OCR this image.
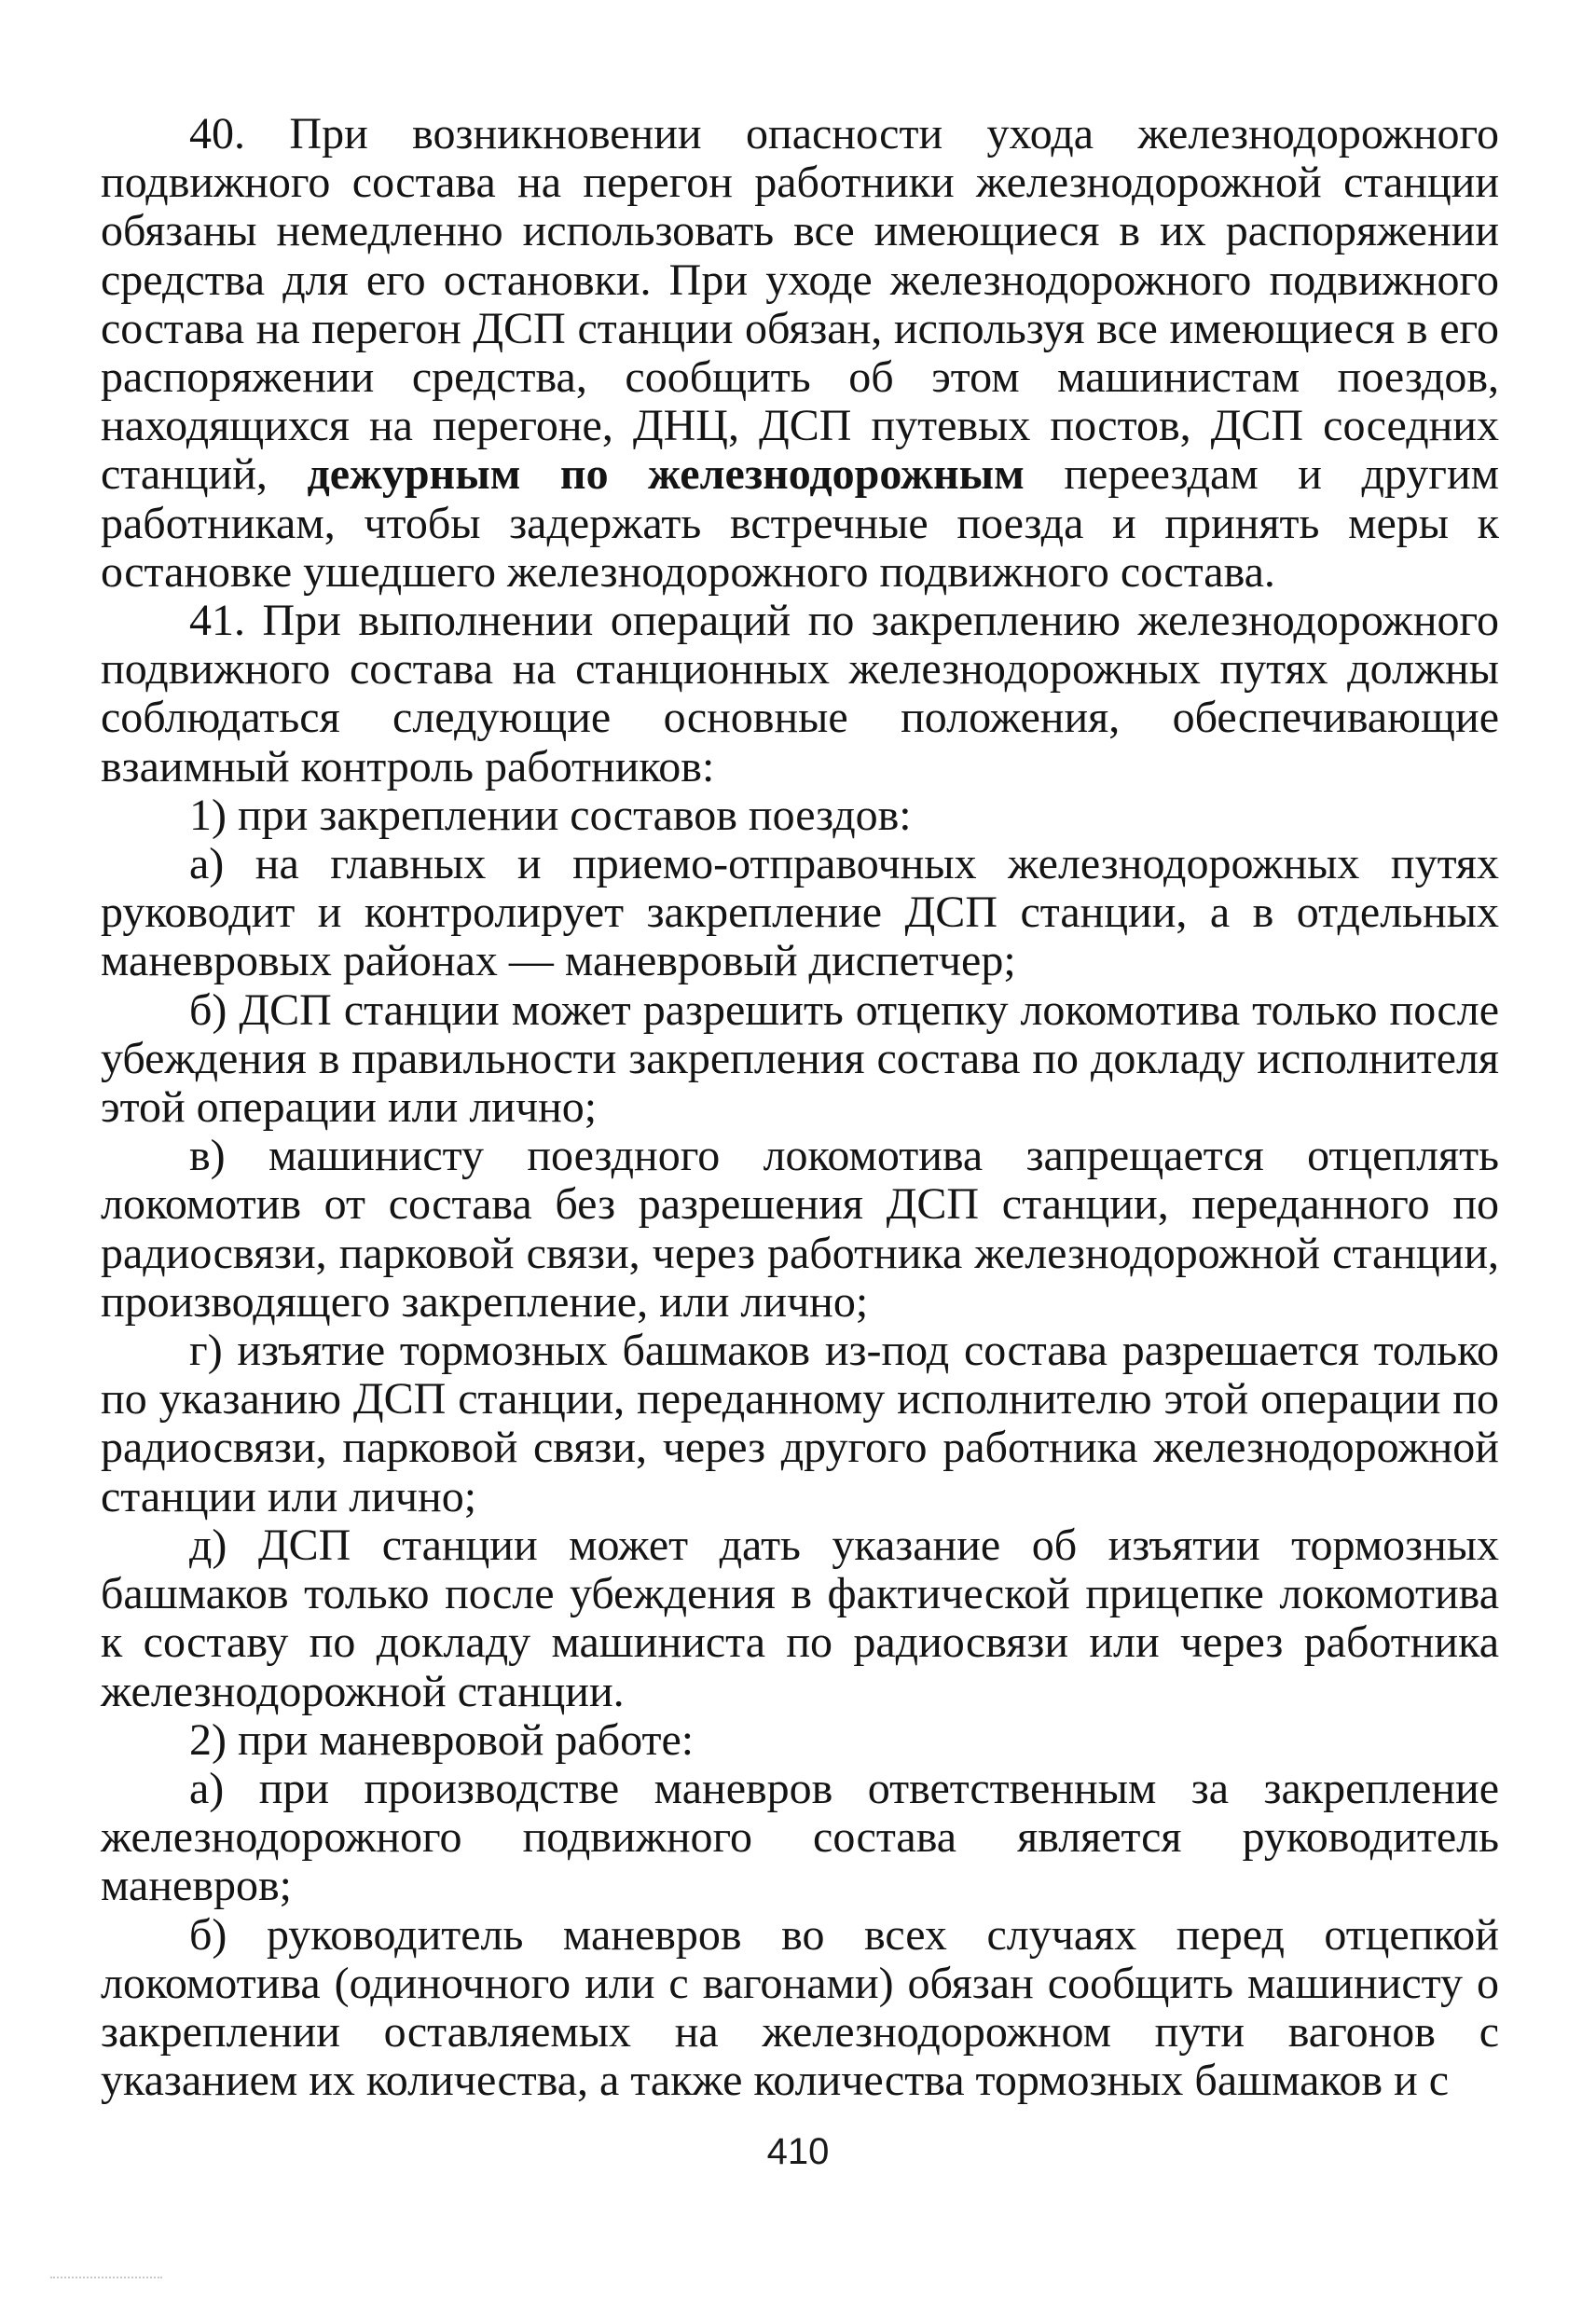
40. При возникновении опасности ухода железнодорожного подвижного состава на перегон работники железнодорожной станции обязаны немедленно использовать все имеющиеся в их распоряжении средства для его остановки. При уходе железнодорожного подвижного состава на перегон ДСП станции обязан, используя все имеющиеся в его распоряжении средства, сообщить об этом машинистам поездов, находящихся на перегоне, ДНЦ, ДСП путевых постов, ДСП соседних станций, дежурным по железнодорожным переездам и другим работникам, чтобы задержать встречные поезда и принять меры к остановке ушедшего железнодорожного подвижного состава.

41. При выполнении операций по закреплению железнодорожного подвижного состава на станционных железнодорожных путях должны соблюдаться следующие основные положения, обеспечивающие взаимный контроль работников:

1) при закреплении составов поездов:

а) на главных и приемо-отправочных железнодорожных путях руководит и контролирует закрепление ДСП станции, а в отдельных маневровых районах — маневровый диспетчер;

б) ДСП станции может разрешить отцепку локомотива только после убеждения в правильности закрепления состава по докладу исполнителя этой операции или лично;

в) машинисту поездного локомотива запрещается отцеплять локомотив от состава без разрешения ДСП станции, переданного по радиосвязи, парковой связи, через работника железнодорожной станции, производящего закрепление, или лично;

г) изъятие тормозных башмаков из-под состава разрешается только по указанию ДСП станции, переданному исполнителю этой операции по радиосвязи, парковой связи, через другого работника железнодорожной станции или лично;

д) ДСП станции может дать указание об изъятии тормозных башмаков только после убеждения в фактической прицепке локомотива к составу по докладу машиниста по радиосвязи или через работника железнодорожной станции.

2) при маневровой работе:

а) при производстве маневров ответственным за закрепление железнодорожного подвижного состава является руководитель маневров;

б) руководитель маневров во всех случаях перед отцепкой локомотива (одиночного или с вагонами) обязан сообщить машинисту о закреплении оставляемых на железнодорожном пути вагонов с указанием их количества, а также количества тормозных башмаков и с

410
